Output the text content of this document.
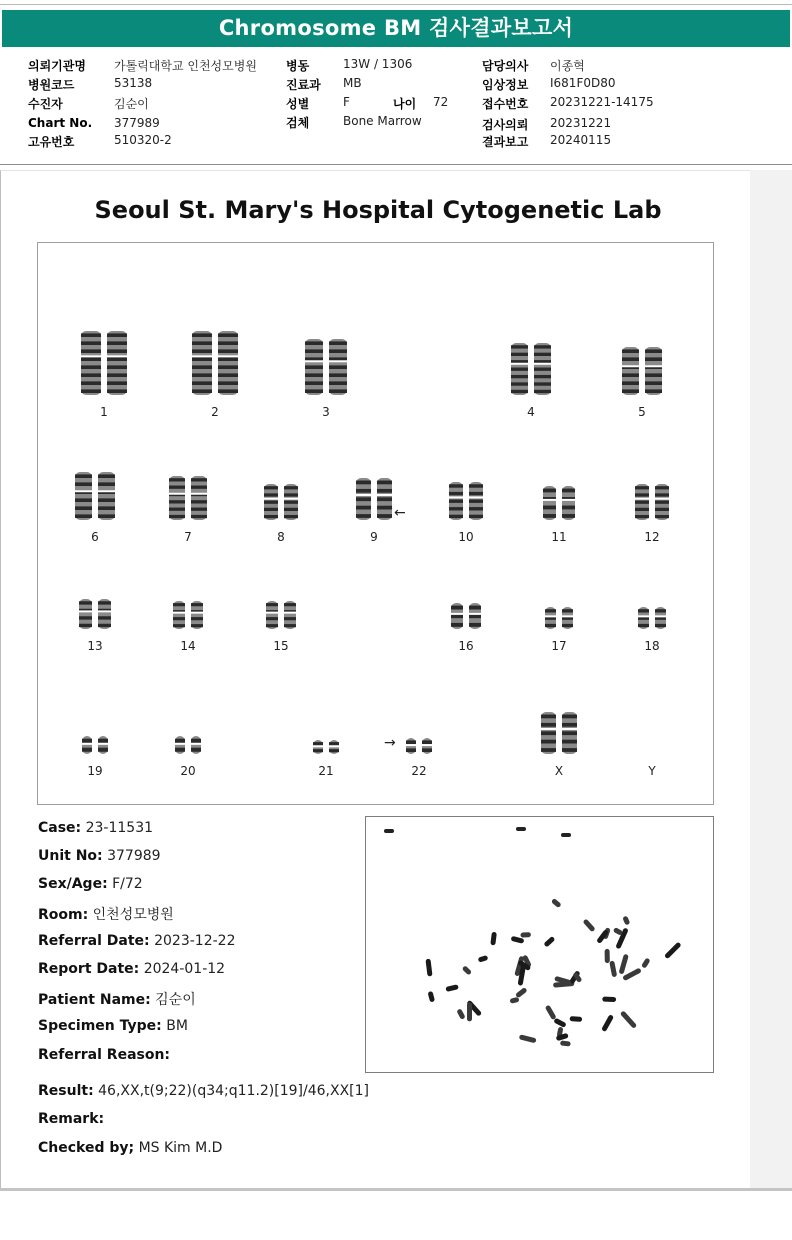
Chromosome BM 검사결과보고서
의뢰기관명 가톨릭대학교 인천성모병원
병원코드	53138
수진자	김순이
Chart No. 377989
고유번호	510320-2
병동	13W / 1306
진료과 MB
성별	F	나이 72
검체	Bone Marrow
담당의사 이종혁
임상정보 I681F0D80
접수번호 20231221-14175
검사의뢰 20231221
결과보고 20240115
Seoul St. Mary's Hospital Cytogenetic Lab
←
→
1	2	3	4	5
6	7	8	9	10	11	12
13	14	15	16	17	18
19	20	21	22	X	Y
Case: 23-11531
Unit No: 377989
Sex/Age: F/72
Room: 인천성모병원
Referral Date: 2023-12-22
Report Date: 2024-01-12
Patient Name: 김순이
Specimen Type: BM
Referral Reason:
Result: 46,XX,t(9;22)(q34;q11.2)[19]/46,XX[1]
Remark:
Checked by; MS Kim M.D
